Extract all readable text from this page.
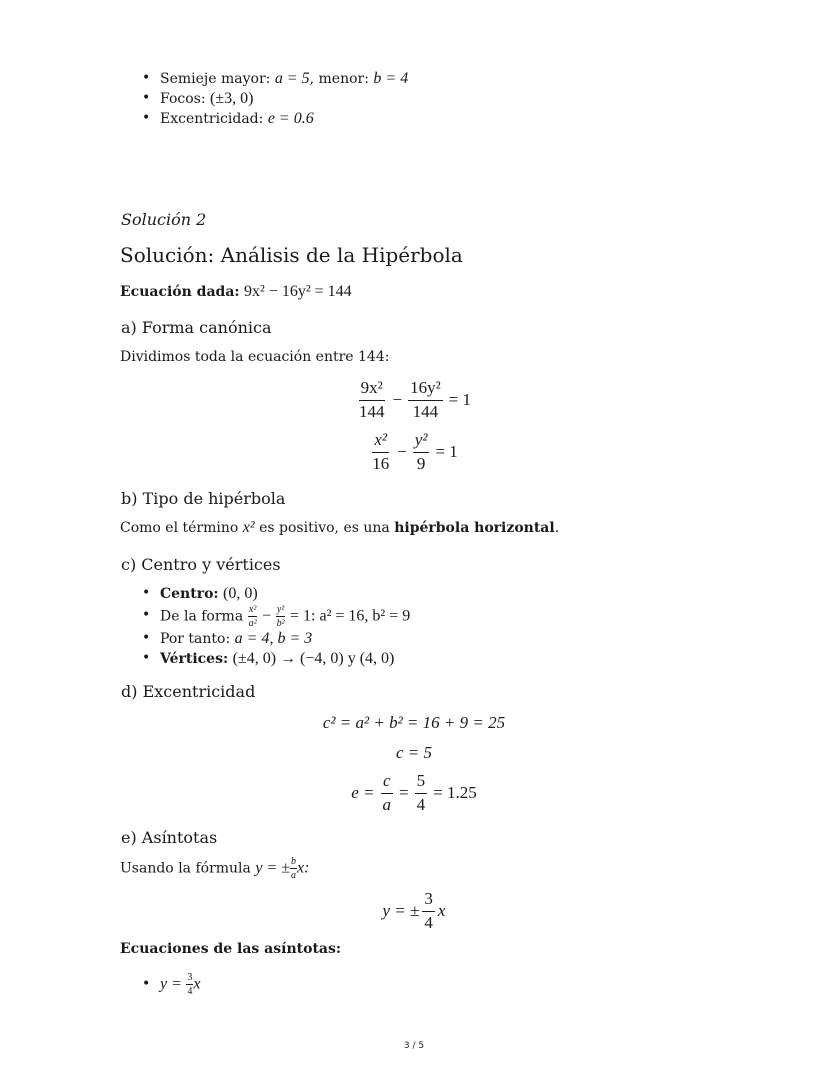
• Semieje mayor: a = 5, menor: b = 4
• Focos: (±3, 0)
• Excentricidad: e = 0.6
Solución 2
Solución: Análisis de la Hipérbola
Ecuación dada: 9x² − 16y² = 144
a) Forma canónica
Dividimos toda la ecuación entre 144:
$\frac{\text{9x²}}{144} - \frac{\text{16y²}}{144} = 1$
$\frac{\text{x²}}{16} - \frac{\text{y²}}{9} = 1$
b) Tipo de hipérbola
Como el término x² es positivo, es una hipérbola horizontal.
c) Centro y vértices
• Centro: (0, 0)
• De la forma $\frac{\text{x²}}{\text{a²}} - \frac{\text{y²}}{\text{b²}} = 1$: a² = 16, b² = 9
• Por tanto: a = 4, b = 3
• Vértices: (±4, 0) → (−4, 0) y (4, 0)
d) Excentricidad
c² = a² + b² = 16 + 9 = 25
c = 5
$e = \frac{c}{a} = \frac{5}{4} = 1.25$
e) Asíntotas
Usando la fórmula y = ± $\frac{b}{a} x$:
y = ± $\frac{3}{4}$ x
Ecuaciones de las asíntotas:
• $y = \frac{3}{4}$ x
3 / 5
